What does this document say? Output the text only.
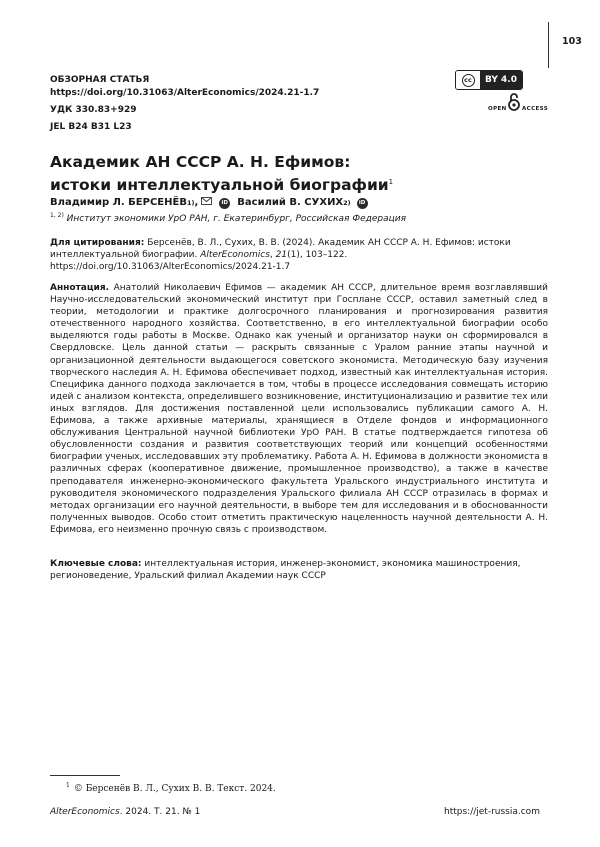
103
ОБЗОРНАЯ СТАТЬЯ
https://doi.org/10.31063/AlterEconomics/2024.21-1.7
УДК 330.83+929
JEL B24 B31 L23
cc	BY 4.0
OPEN	ACCESS
Академик АН СССР А. Н. Ефимов:
истоки интеллектуальной биографии$^1$
Владимир Л. БЕРСЕНЁВ 1) ,	iD Василий В. СУХИХ 2)	iD
$^{1, 2)}$ Институт экономики УрО РАН, г. Екатеринбург, Российская Федерация
Для цитирования: Берсенёв, В. Л., Сухих, В. В. (2024). Академик АН СССР А. Н. Ефимов: истоки интеллектуальной биографии. AlterEconomics, 21(1), 103–122.
https://doi.org/10.31063/AlterEconomics/2024.21-1.7
Аннотация. Анатолий Николаевич Ефимов — академик АН СССР, длительное время возглавлявший Научно-исследовательский экономический институт при Госплане СССР, оставил заметный след в теории, методологии и практике долгосрочного планирования и прогнозирования развития отечественного народного хозяйства. Соответственно, в его интеллектуальной биографии особо выделяются годы работы в Москве. Однако как ученый и организатор науки он сформировался в Свердловске. Цель данной статьи — раскрыть связанные с Уралом ранние этапы научной и организационной деятельности выдающегося советского экономиста. Методическую базу изучения творческого наследия А. Н. Ефимова обеспечивает подход, известный как интеллектуальная история. Специфика данного подхода заключается в том, чтобы в процессе исследования совмещать историю идей с анализом контекста, определившего возникновение, институционализацию и развитие тех или иных взглядов. Для достижения поставленной цели использовались публикации самого А. Н. Ефимова, а также архивные материалы, хранящиеся в Отделе фондов и информационного обслуживания Центральной научной библиотеки УрО РАН. В статье подтверждается гипотеза об обусловленности создания и развития соответствующих теорий или концепций особенностями биографии ученых, исследовавших эту проблематику. Работа А. Н. Ефимова в должности экономиста в различных сферах (кооперативное движение, промышленное производство), а также в качестве преподавателя инженерно-экономического факультета Уральского индустриального института и руководителя экономического подразделения Уральского филиала АН СССР отразилась в формах и методах организации его научной деятельности, в выборе тем для исследования и в обоснованности полученных выводов. Особо стоит отметить практическую нацеленность научной деятельности А. Н. Ефимова, его неизменно прочную связь с производством.
Ключевые слова: интеллектуальная история, инженер-экономист, экономика машиностроения, регионоведение, Уральский филиал Академии наук СССР
$^1$ © Берсенёв В. Л., Сухих В. В. Текст. 2024.
AlterEconomics. 2024. Т. 21. № 1	https://jet-russia.com
